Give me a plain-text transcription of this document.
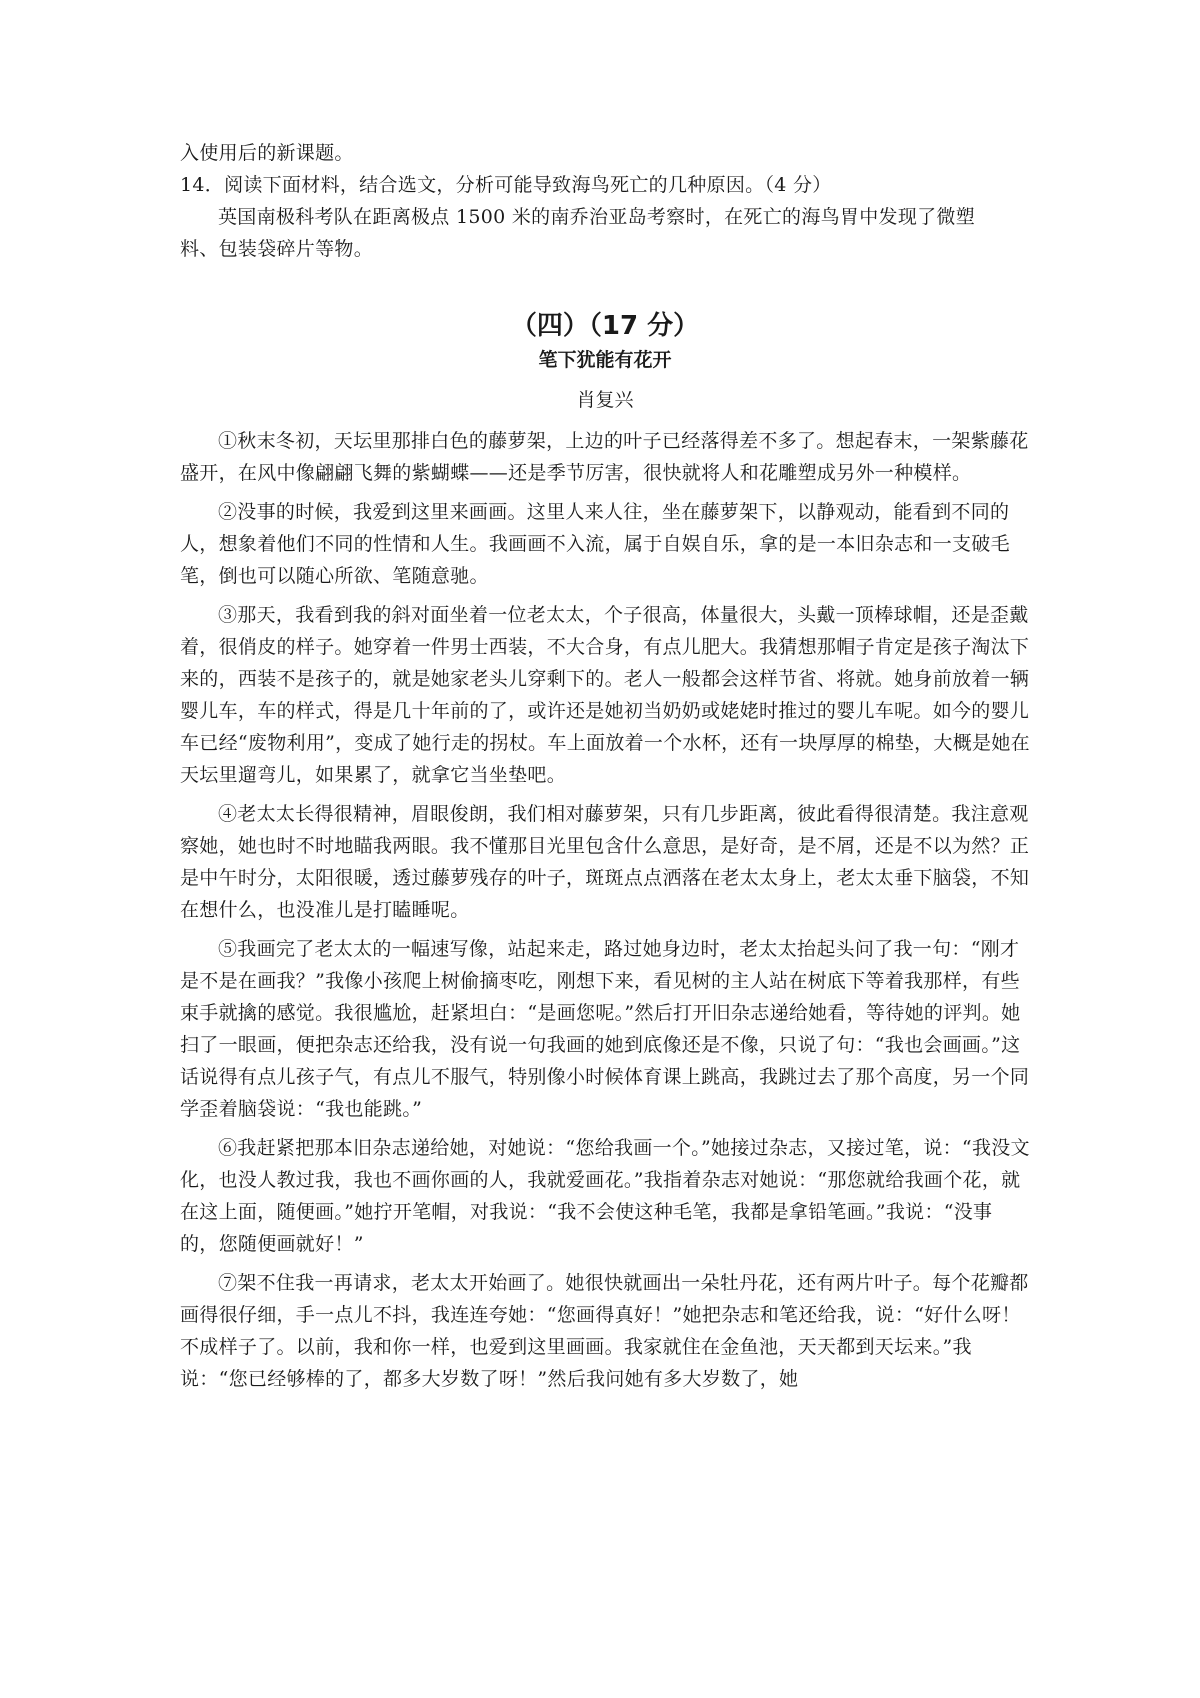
入使用后的新课题。
14．阅读下面材料，结合选文，分析可能导致海鸟死亡的几种原因。（4 分）
英国南极科考队在距离极点 1500 米的南乔治亚岛考察时，在死亡的海鸟胃中发现了微塑
料、包装袋碎片等物。
（四）（17 分）
笔下犹能有花开
肖复兴

①秋末冬初，天坛里那排白色的藤萝架，上边的叶子已经落得差不多了。想起春末，一架紫藤花盛开，在风中像翩翩飞舞的紫蝴蝶——还是季节厉害，很快就将人和花雕塑成另外一种模样。

②没事的时候，我爱到这里来画画。这里人来人往，坐在藤萝架下，以静观动，能看到不同的人，想象着他们不同的性情和人生。我画画不入流，属于自娱自乐，拿的是一本旧杂志和一支破毛笔，倒也可以随心所欲、笔随意驰。

③那天，我看到我的斜对面坐着一位老太太，个子很高，体量很大，头戴一顶棒球帽，还是歪戴着，很俏皮的样子。她穿着一件男士西装，不大合身，有点儿肥大。我猜想那帽子肯定是孩子淘汰下来的，西装不是孩子的，就是她家老头儿穿剩下的。老人一般都会这样节省、将就。她身前放着一辆婴儿车，车的样式，得是几十年前的了，或许还是她初当奶奶或姥姥时推过的婴儿车呢。如今的婴儿车已经“废物利用”，变成了她行走的拐杖。车上面放着一个水杯，还有一块厚厚的棉垫，大概是她在天坛里遛弯儿，如果累了，就拿它当坐垫吧。

④老太太长得很精神，眉眼俊朗，我们相对藤萝架，只有几步距离，彼此看得很清楚。我注意观察她，她也时不时地瞄我两眼。我不懂那目光里包含什么意思，是好奇，是不屑，还是不以为然？正是中午时分，太阳很暖，透过藤萝残存的叶子，斑斑点点洒落在老太太身上，老太太垂下脑袋，不知在想什么，也没准儿是打瞌睡呢。

⑤我画完了老太太的一幅速写像，站起来走，路过她身边时，老太太抬起头问了我一句：“刚才是不是在画我？”我像小孩爬上树偷摘枣吃，刚想下来，看见树的主人站在树底下等着我那样，有些束手就擒的感觉。我很尴尬，赶紧坦白：“是画您呢。”然后打开旧杂志递给她看，等待她的评判。她扫了一眼画，便把杂志还给我，没有说一句我画的她到底像还是不像，只说了句：“我也会画画。”这话说得有点儿孩子气，有点儿不服气，特别像小时候体育课上跳高，我跳过去了那个高度，另一个同学歪着脑袋说：“我也能跳。”

⑥我赶紧把那本旧杂志递给她，对她说：“您给我画一个。”她接过杂志，又接过笔，说：“我没文化，也没人教过我，我也不画你画的人，我就爱画花。”我指着杂志对她说：“那您就给我画个花，就在这上面，随便画。”她拧开笔帽，对我说：“我不会使这种毛笔，我都是拿铅笔画。”我说：“没事的，您随便画就好！”

⑦架不住我一再请求，老太太开始画了。她很快就画出一朵牡丹花，还有两片叶子。每个花瓣都画得很仔细，手一点儿不抖，我连连夸她：“您画得真好！”她把杂志和笔还给我，说：“好什么呀！不成样子了。以前，我和你一样，也爱到这里画画。我家就住在金鱼池，天天都到天坛来。”我说：“您已经够棒的了，都多大岁数了呀！”然后我问她有多大岁数了，她
